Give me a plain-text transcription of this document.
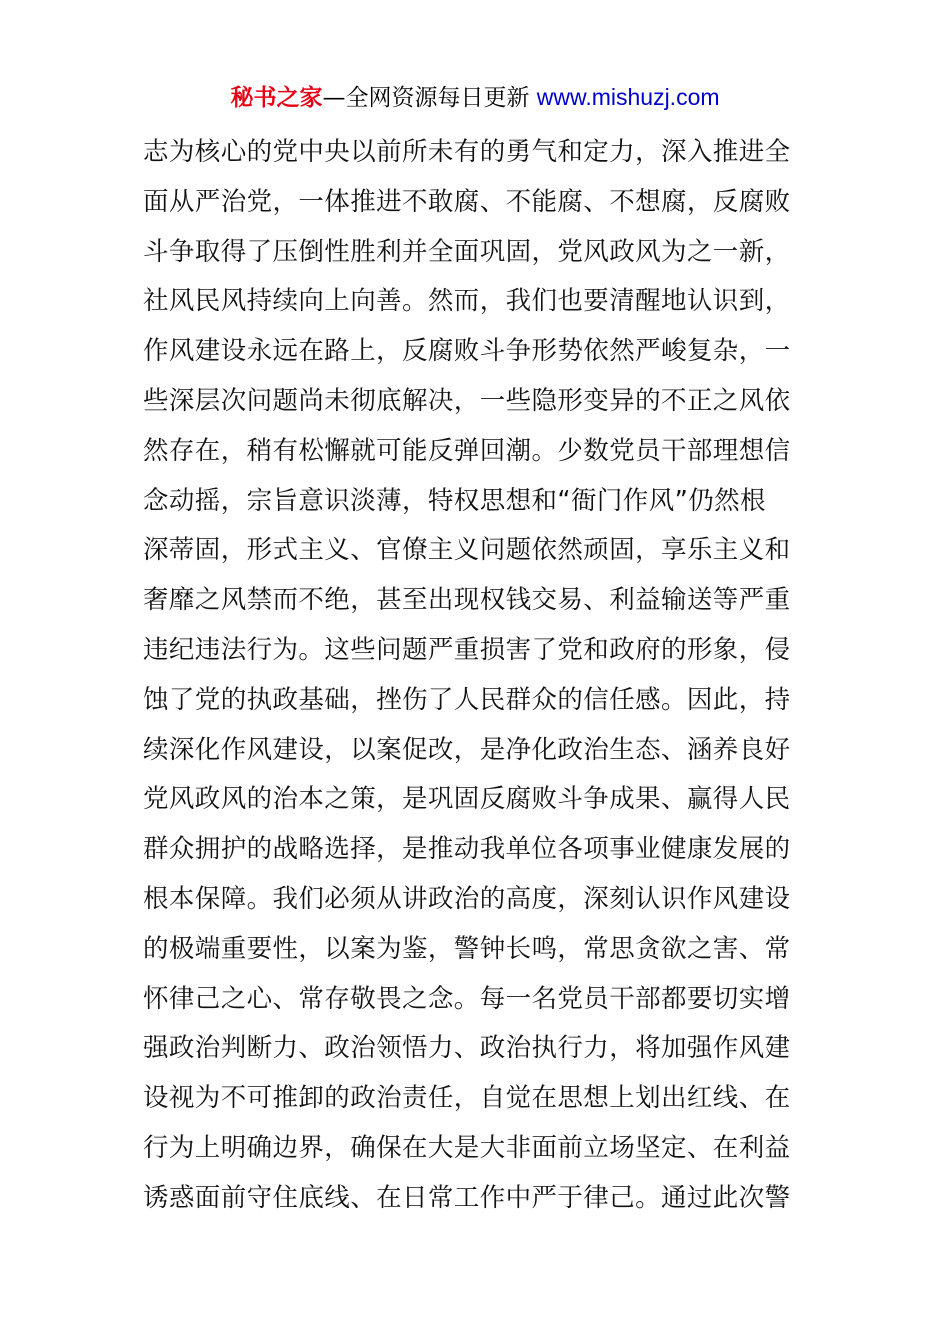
秘书之家—全网资源每日更新 www.mishuzj.com
志为核心的党中央以前所未有的勇气和定力，深入推进全
面从严治党，一体推进不敢腐、不能腐、不想腐，反腐败
斗争取得了压倒性胜利并全面巩固，党风政风为之一新，
社风民风持续向上向善。然而，我们也要清醒地认识到，
作风建设永远在路上，反腐败斗争形势依然严峻复杂，一
些深层次问题尚未彻底解决，一些隐形变异的不正之风依
然存在，稍有松懈就可能反弹回潮。少数党员干部理想信
念动摇，宗旨意识淡薄，特权思想和“衙门作风”仍然根
深蒂固，形式主义、官僚主义问题依然顽固，享乐主义和
奢靡之风禁而不绝，甚至出现权钱交易、利益输送等严重
违纪违法行为。这些问题严重损害了党和政府的形象，侵
蚀了党的执政基础，挫伤了人民群众的信任感。因此，持
续深化作风建设，以案促改，是净化政治生态、涵养良好
党风政风的治本之策，是巩固反腐败斗争成果、赢得人民
群众拥护的战略选择，是推动我单位各项事业健康发展的
根本保障。我们必须从讲政治的高度，深刻认识作风建设
的极端重要性，以案为鉴，警钟长鸣，常思贪欲之害、常
怀律己之心、常存敬畏之念。每一名党员干部都要切实增
强政治判断力、政治领悟力、政治执行力，将加强作风建
设视为不可推卸的政治责任，自觉在思想上划出红线、在
行为上明确边界，确保在大是大非面前立场坚定、在利益
诱惑面前守住底线、在日常工作中严于律己。通过此次警
